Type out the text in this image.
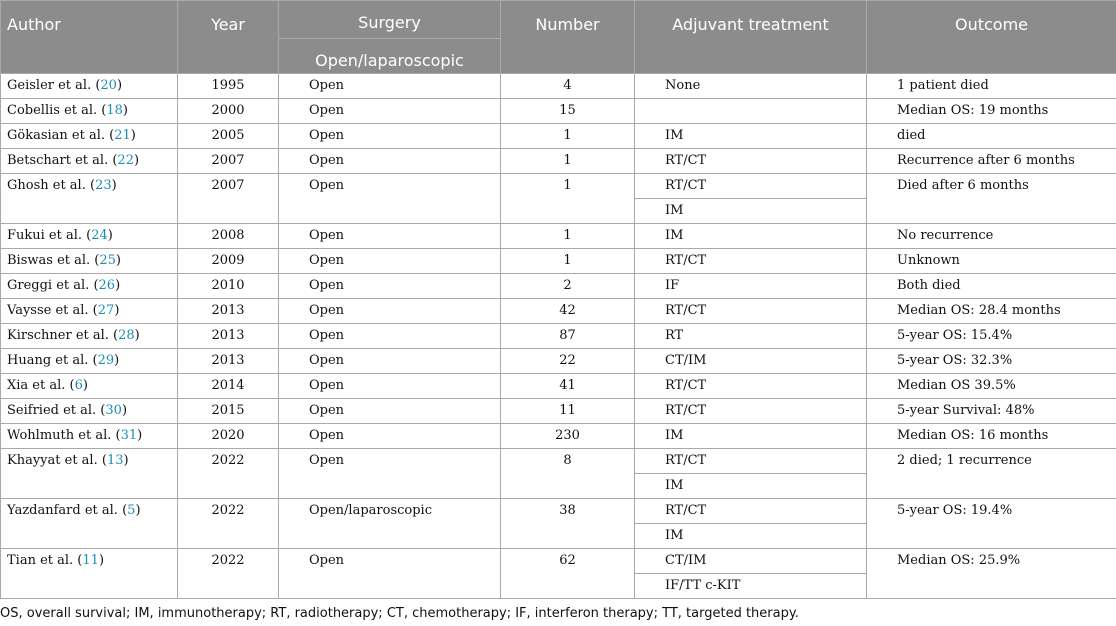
Author	Year	Surgery	Number	Adjuvant treatment	Outcome
		Open/laparoscopic			
Geisler et al. (20)	1995	Open	4	None	1 patient died
Cobellis et al. (18)	2000	Open	15		Median OS: 19 months
Gökasian et al. (21)	2005	Open	1	IM	died
Betschart et al. (22)	2007	Open	1	RT/CT	Recurrence after 6 months
Ghosh et al. (23)	2007	Open	1	RT/CT	Died after 6 months
				IM	
Fukui et al. (24)	2008	Open	1	IM	No recurrence
Biswas et al. (25)	2009	Open	1	RT/CT	Unknown
Greggi et al. (26)	2010	Open	2	IF	Both died
Vaysse et al. (27)	2013	Open	42	RT/CT	Median OS: 28.4 months
Kirschner et al. (28)	2013	Open	87	RT	5-year OS: 15.4%
Huang et al. (29)	2013	Open	22	CT/IM	5-year OS: 32.3%
Xia et al. (6)	2014	Open	41	RT/CT	Median OS 39.5%
Seifried et al. (30)	2015	Open	11	RT/CT	5-year Survival: 48%
Wohlmuth et al. (31)	2020	Open	230	IM	Median OS: 16 months
Khayyat et al. (13)	2022	Open	8	RT/CT	2 died; 1 recurrence
				IM	
Yazdanfard et al. (5)	2022	Open/laparoscopic	38	RT/CT	5-year OS: 19.4%
				IM	
Tian et al. (11)	2022	Open	62	CT/IM	Median OS: 25.9%
				IF/TT c-KIT	
OS, overall survival; IM, immunotherapy; RT, radiotherapy; CT, chemotherapy; IF, interferon therapy; TT, targeted therapy.
